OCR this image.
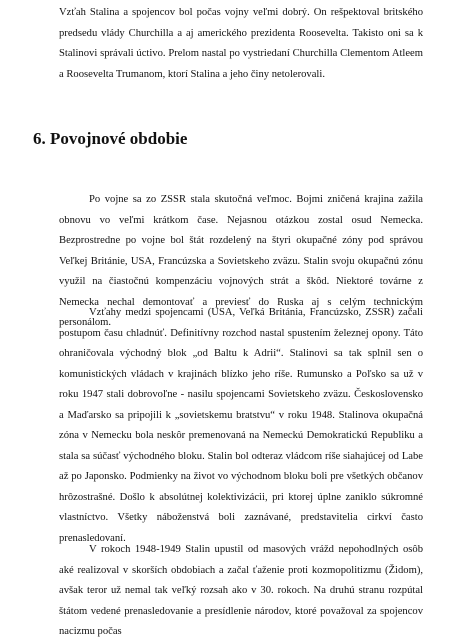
Vzťah Stalina a spojencov bol počas vojny veľmi dobrý. On rešpektoval britského predsedu vlády Churchilla a aj amerického prezidenta Roosevelta. Takisto oni sa k Stalinovi správali úctivo. Prelom nastal po vystriedaní Churchilla Clementom Atleem a Roosevelta Trumanom, ktorí Stalina a jeho činy netolerovali.

6. Povojnové obdobie

Po vojne sa zo ZSSR stala skutočná veľmoc. Bojmi zničená krajina zažila obnovu vo veľmi krátkom čase. Nejasnou otázkou zostal osud Nemecka. Bezprostredne po vojne bol štát rozdelený na štyri okupačné zóny pod správou Veľkej Británie, USA, Francúzska a Sovietskeho zväzu. Stalin svoju okupačnú zónu využil na čiastočnú kompenzáciu vojnových strát a škôd. Niektoré továrne z Nemecka nechal demontovať a previesť do Ruska aj s celým technickým personálom.

Vzťahy medzi spojencami (USA, Veľká Británia, Francúzsko, ZSSR) začali postupom času chladnúť. Definitívny rozchod nastal spustením železnej opony. Táto ohraničovala východný blok „od Baltu k Adrii“. Stalinovi sa tak splnil sen o komunistických vládach v krajinách blízko jeho ríše. Rumunsko a Poľsko sa už v roku 1947 stali dobrovoľne - nasilu spojencami Sovietskeho zväzu. Československo a Maďarsko sa pripojili k „sovietskemu bratstvu“ v roku 1948. Stalinova okupačná zóna v Nemecku bola neskôr premenovaná na Nemeckú Demokratickú Republiku a stala sa súčasť východného bloku. Stalin bol odteraz vládcom ríše siahajúcej od Labe až po Japonsko. Podmienky na život vo východnom bloku boli pre všetkých občanov hrôzostrašné. Došlo k absolútnej kolektivizácii, pri ktorej úplne zaniklo súkromné vlastníctvo. Všetky náboženstvá boli zaznávané, predstavitelia cirkví často prenasledovaní.

V rokoch 1948-1949 Stalin upustil od masových vrážd nepohodlných osôb aké realizoval v skorších obdobiach a začal ťaženie proti kozmopolitizmu (Židom), avšak teror už nemal tak veľký rozsah ako v 30. rokoch. Na druhú stranu rozpútal štátom vedené prenasledovanie a presídlenie národov, ktoré považoval za spojencov nacizmu počas
